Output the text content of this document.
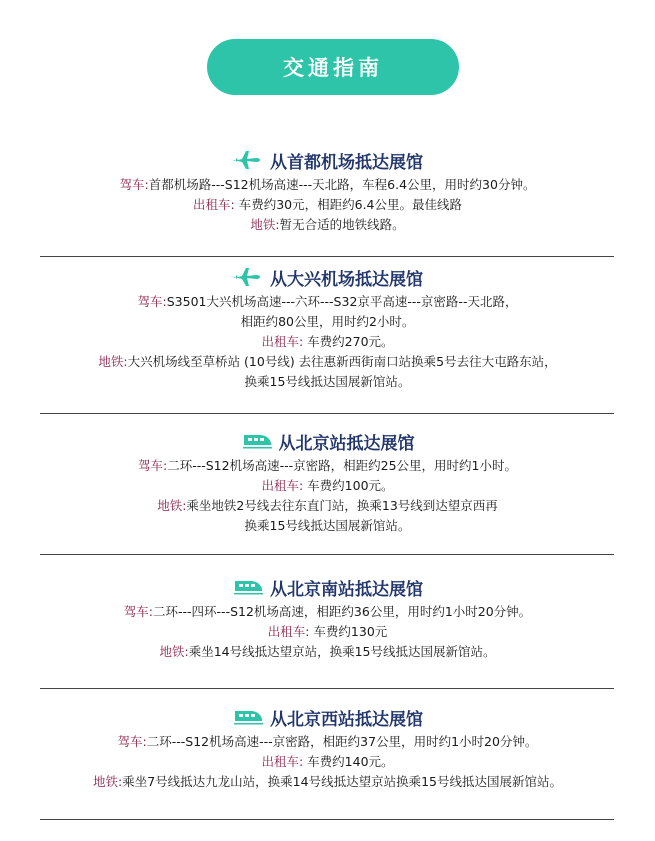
交通指南
从首都机场抵达展馆
驾车:首都机场路---S12机场高速---天北路，车程6.4公里，用时约30分钟。
出租车: 车费约30元，相距约6.4公里。最佳线路
地铁:暂无合适的地铁线路。
从大兴机场抵达展馆
驾车:S3501大兴机场高速---六环---S32京平高速---京密路--天北路，
相距约80公里，用时约2小时。
出租车: 车费约270元。
地铁:大兴机场线至草桥站 (10号线) 去往惠新西街南口站换乘5号去往大屯路东站，
换乘15号线抵达国展新馆站。
从北京站抵达展馆
驾车:二环---S12机场高速---京密路，相距约25公里，用时约1小时。
出租车: 车费约100元。
地铁:乘坐地铁2号线去往东直门站，换乘13号线到达望京西再
换乘15号线抵达国展新馆站。
从北京南站抵达展馆
驾车:二环---四环---S12机场高速，相距约36公里，用时约1小时20分钟。
出租车: 车费约130元
地铁:乘坐14号线抵达望京站，换乘15号线抵达国展新馆站。
从北京西站抵达展馆
驾车:二环---S12机场高速---京密路，相距约37公里，用时约1小时20分钟。
出租车: 车费约140元。
地铁:乘坐7号线抵达九龙山站，换乘14号线抵达望京站换乘15号线抵达国展新馆站。
